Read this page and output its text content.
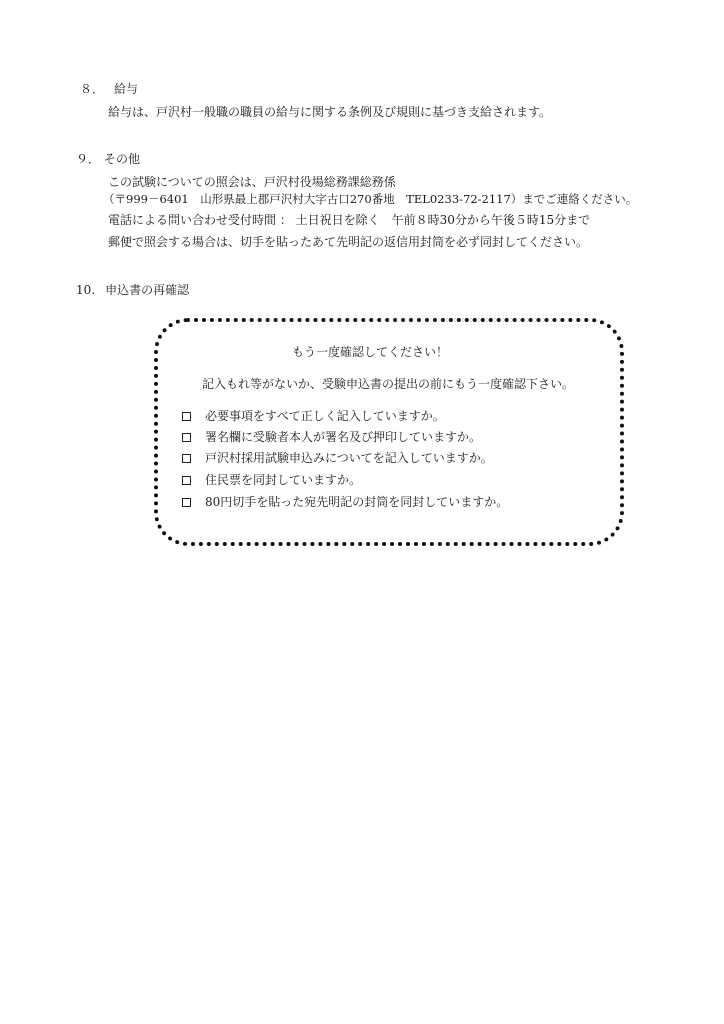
８． 給与
給与は、戸沢村一般職の職員の給与に関する条例及び規則に基づき支給されます。
９． その他
この試験についての照会は、戸沢村役場総務課総務係
（〒999－6401　山形県最上郡戸沢村大字古口270番地　TEL0233-72-2117）までご連絡ください。
電話による問い合わせ受付時間 ： 土日祝日を除く　午前８時30分から午後５時15分まで
郵便で照会する場合は、切手を貼ったあて先明記の返信用封筒を必ず同封してください。
10. 申込書の再確認
もう一度確認してください！
記入もれ等がないか、受験申込書の提出の前にもう一度確認下さい。
必要事項をすべて正しく記入していますか。
署名欄に受験者本人が署名及び押印していますか。
戸沢村採用試験申込みについてを記入していますか。
住民票を同封していますか。
80円切手を貼った宛先明記の封筒を同封していますか。
